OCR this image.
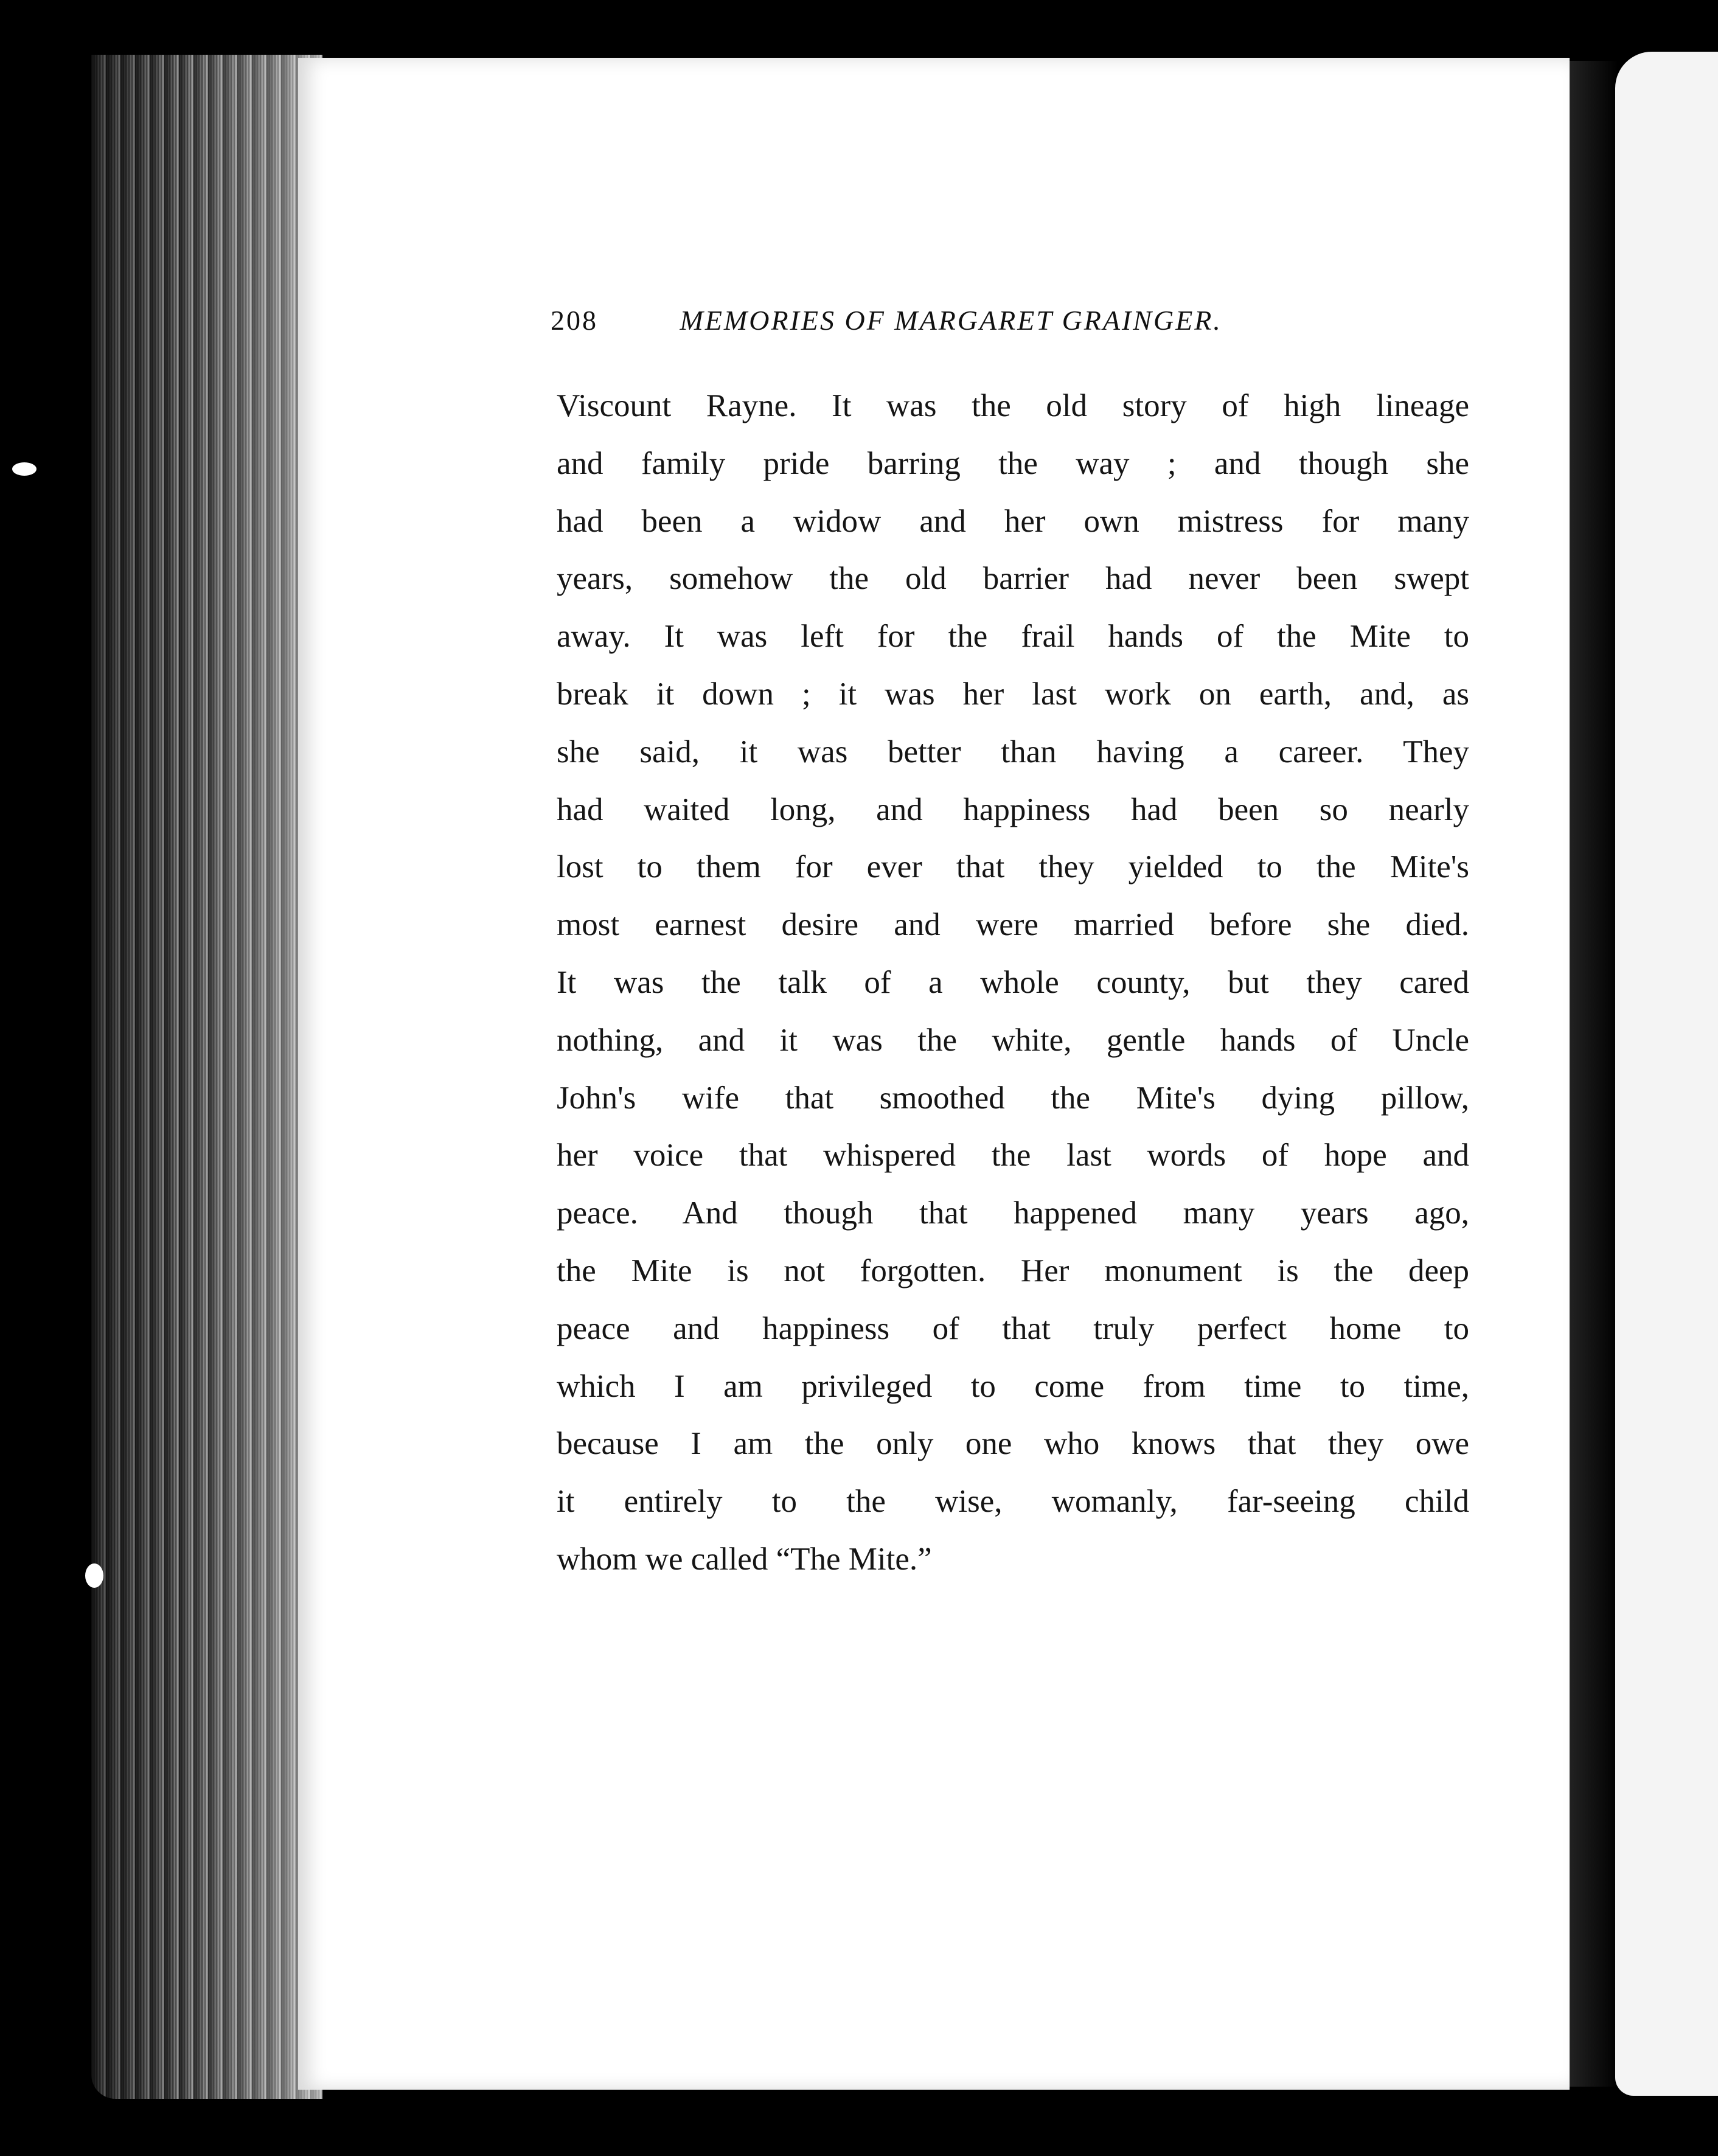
208	MEMORIES OF MARGARET GRAINGER.
Viscount Rayne. It was the old story of high lineage
and family pride barring the way ; and though she
had been a widow and her own mistress for many
years, somehow the old barrier had never been swept
away. It was left for the frail hands of the Mite to
break it down ; it was her last work on earth, and, as
she said, it was better than having a career. They
had waited long, and happiness had been so nearly
lost to them for ever that they yielded to the Mite's
most earnest desire and were married before she died.
It was the talk of a whole county, but they cared
nothing, and it was the white, gentle hands of Uncle
John's wife that smoothed the Mite's dying pillow,
her voice that whispered the last words of hope and
peace. And though that happened many years ago,
the Mite is not forgotten. Her monument is the deep
peace and happiness of that truly perfect home to
which I am privileged to come from time to time,
because I am the only one who knows that they owe
it entirely to the wise, womanly, far-seeing child
whom we called “The Mite.”
